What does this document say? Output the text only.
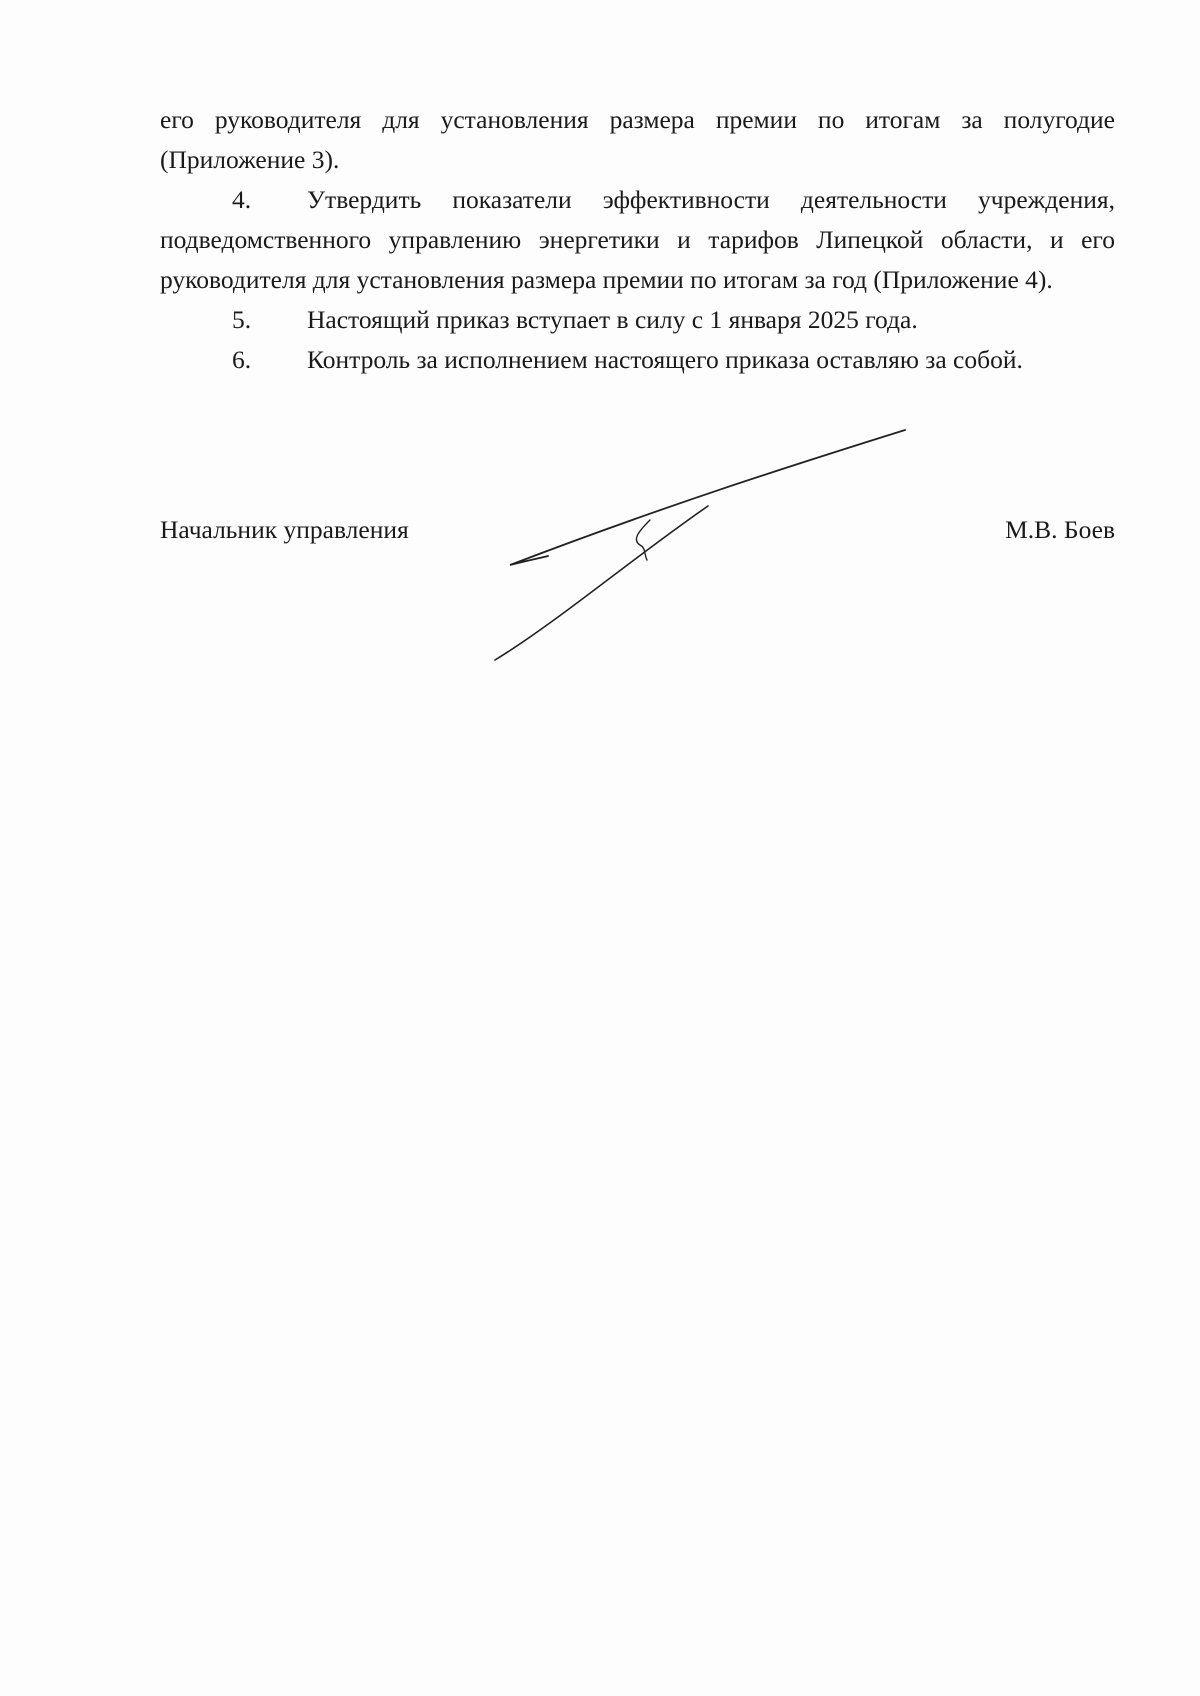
его руководителя для установления размера премии по итогам за полугодие (Приложение 3).

4. Утвердить показатели эффективности деятельности учреждения, подведомственного управлению энергетики и тарифов Липецкой области, и его руководителя для установления размера премии по итогам за год (Приложение 4).

5. Настоящий приказ вступает в силу с 1 января 2025 года.

6. Контроль за исполнением настоящего приказа оставляю за собой.

Начальник управления	М.В. Боев
